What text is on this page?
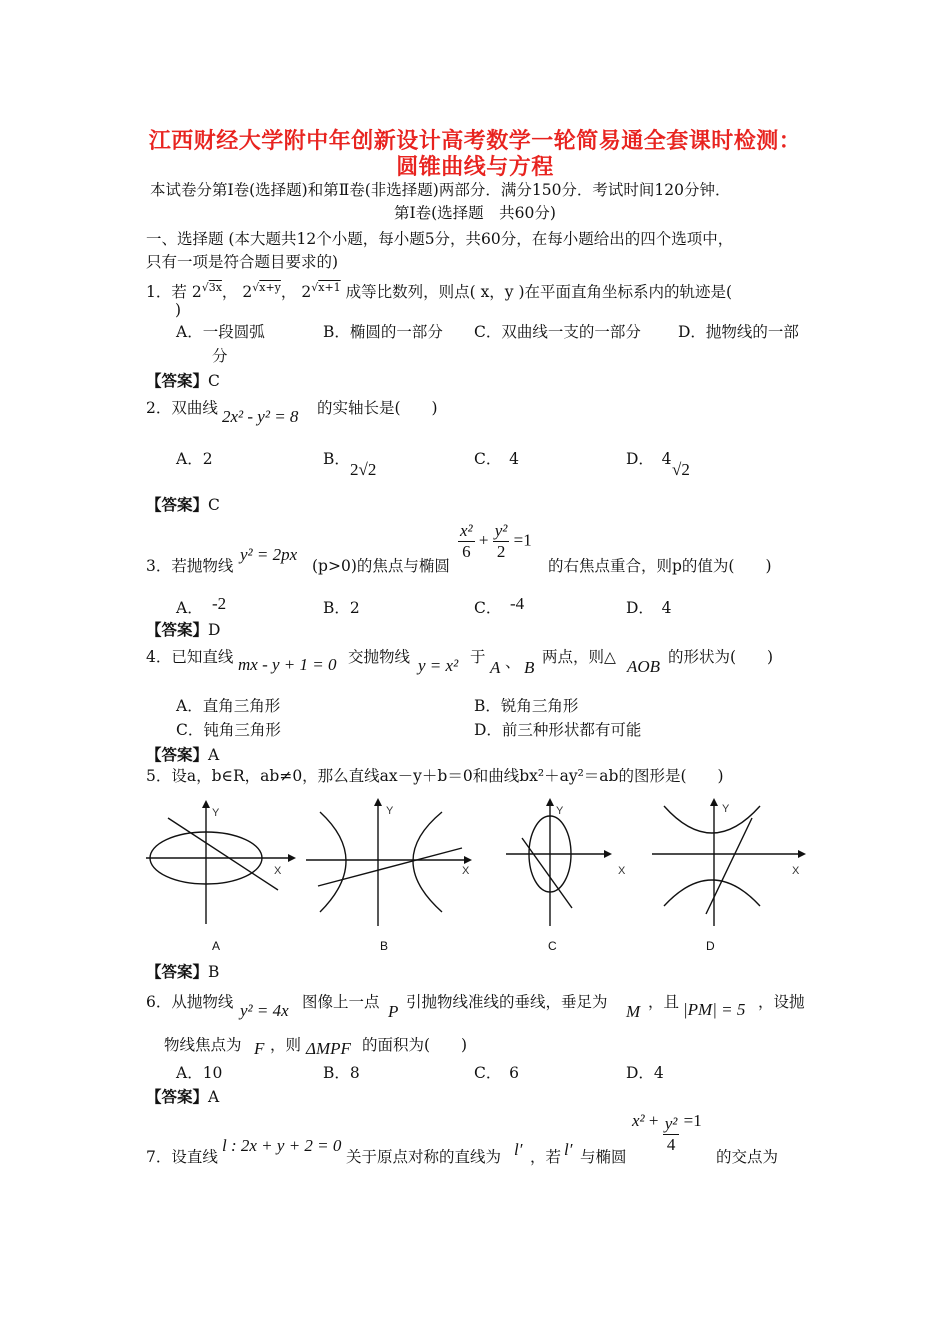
江西财经大学附中年创新设计高考数学一轮简易通全套课时检测：
圆锥曲线与方程
本试卷分第Ⅰ卷(选择题)和第Ⅱ卷(非选择题)两部分．满分150分．考试时间120分钟．
第Ⅰ卷(选择题　共60分)
一、选择题 (本大题共12个小题，每小题5分，共60分，在每小题给出的四个选项中，
只有一项是符合题目要求的)
1．若 $2^{√3x}$， $2^{√x+y}$， $2^{√x+1}$ 成等比数列，则点( x，y )在平面直角坐标系内的轨迹是(
)
A．一段圆弧	B．椭圆的一部分 C．双曲线一支的一部分 D．抛物线的一部
分
【答案】C
2．双曲线 2x² - y² = 8 的实轴长是(　　)
A．2	B．
2√2
C．　4	D．　4
√2
【答案】C
3．若抛物线
y² = 2px
(p>0)的焦点与椭圆
$\frac{\text{x²}}{6} + \frac{\text{y²}}{2} =1$
的右焦点重合，则p的值为(　　)
A． -2	B．2	C． -4	D．　4
【答案】D
4．已知直线 mx - y + 1 = 0 交抛物线 y = x² 于
A 、 B
两点，则△ AOB 的形状为(　　)
A．直角三角形	B．锐角三角形
C．钝角三角形	D．前三种形状都有可能
【答案】A
5．设a，b∈R，ab≠0，那么直线ax－y＋b＝0和曲线bx²＋ay²＝ab的图形是(　　)
Y
X
A
Y
X
B
Y
X
C
Y
X
D
【答案】B
6．从抛物线 y² = 4x 图像上一点 P 引抛物线准线的垂线，垂足为 M ，且 |PM| = 5 ，设抛
物线焦点为 F ，则 ΔMPF 的面积为(　　)
A．10	B．8	C．　6	D．4
【答案】A
7．设直线
l : 2x + y + 2 = 0
关于原点对称的直线为 l′ ，若 l′ 与椭圆
$x^2 + \frac{\text{y²}}{4} =1$
的交点为
